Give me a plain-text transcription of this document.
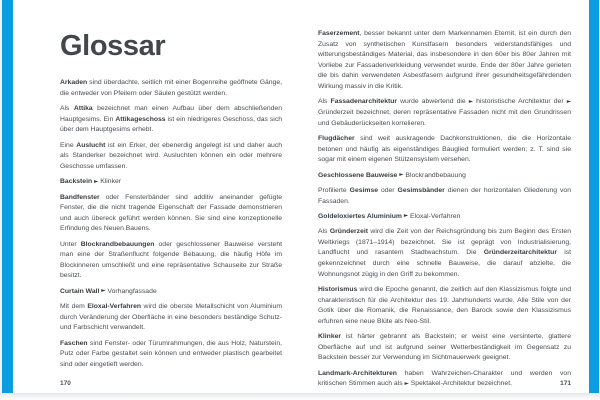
Glossar

Arkaden sind überdachte, seitlich mit einer Bogenreihe geöffnete Gänge, die entweder von Pfeilern oder Säulen gestützt werden.

Als Attika bezeichnet man einen Aufbau über dem abschließenden Hauptgesims. Ein Attikageschoss ist ein niedrigeres Geschoss, das sich über dem Hauptgesims erhebt.

Eine Auslucht ist ein Erker, der ebenerdig angelegt ist und daher auch als Standerker bezeichnet wird. Ausluchten können ein oder mehrere Geschosse umfassen.

Backstein ► Klinker

Bandfenster oder Fensterbänder sind additiv aneinander gefügte Fenster, die die nicht tragende Eigenschaft der Fassade demonstrieren und auch übereck geführt werden können. Sie sind eine konzeptionelle Erfindung des Neuen Bauens.

Unter Blockrandbebauungen oder geschlossener Bauweise versteht man eine der Straßenflucht folgende Bebauung, die häufig Höfe im Blockinneren umschließt und eine repräsentative Schauseite zur Straße besitzt.

Curtain Wall ► Vorhangfassade

Mit dem Eloxal-Verfahren wird die oberste Metallschicht von Aluminium durch Veränderung der Oberfläche in eine besonders beständige Schutz- und Farbschicht verwandelt.

Faschen sind Fenster- oder Türumrahmungen, die aus Holz, Naturstein, Putz oder Farbe gestaltet sein können und entweder plastisch gearbeitet sind oder eingetieft werden.

Faserzement, besser bekannt unter dem Markennamen Eternit, ist ein durch den Zusatz von synthetischen Kunstfasern besonders widerstandsfähiges und witterungsbeständiges Material, das insbesondere in den 60er bis 80er Jahren mit Vorliebe zur Fassadenverkleidung verwendet wurde. Ende der 80er Jahre gerieten die bis dahin verwendeten Asbestfasern aufgrund ihrer gesundheitsgefährdenden Wirkung massiv in die Kritik.

Als Fassadenarchitektur wurde abwertend die ► historistische Architektur der ► Gründerzeit bezeichnet, deren repräsentative Fassaden nicht mit den Grundrissen und Gebäuderückseiten korrelieren.

Flugdächer sind weit auskragende Dachkonstruktionen, die die Horizontale betonen und häufig als eigenständiges Bauglied formuliert werden; z. T. sind sie sogar mit einem eigenen Stützensystem versehen.

Geschlossene Bauweise ► Blockrandbebauung

Profilierte Gesimse oder Gesimsbänder dienen der horizontalen Gliederung von Fassaden.

Goldeloxiertes Aluminium ► Eloxal-Verfahren

Als Gründerzeit wird die Zeit von der Reichsgründung bis zum Beginn des Ersten Weltkriegs (1871–1914) bezeichnet. Sie ist geprägt von Industrialisierung, Landflucht und rasantem Stadtwachstum. Die Gründerzeitarchitektur ist gekennzeichnet durch eine schnelle Bauweise, die darauf abzielte, die Wohnungsnot zügig in den Griff zu bekommen.

Historismus wird die Epoche genannt, die zeitlich auf den Klassizismus folgte und charakteristisch für die Architektur des 19. Jahrhunderts wurde. Alle Stile von der Gotik über die Romanik, die Renaissance, den Barock sowie den Klassizismus erfuhren eine neue Blüte als Neo-Stil.

Klinker ist härter gebrannt als Backstein; er weist eine versinterte, glattere Oberfläche auf und ist aufgrund seiner Wetterbeständigkeit im Gegensatz zu Backstein besser zur Verwendung im Sichtmauerwerk geeignet.

Landmark-Architekturen haben Wahrzeichen-Charakter und werden von kritischen Stimmen auch als ► Spektakel-Architektur bezeichnet.

170	171
